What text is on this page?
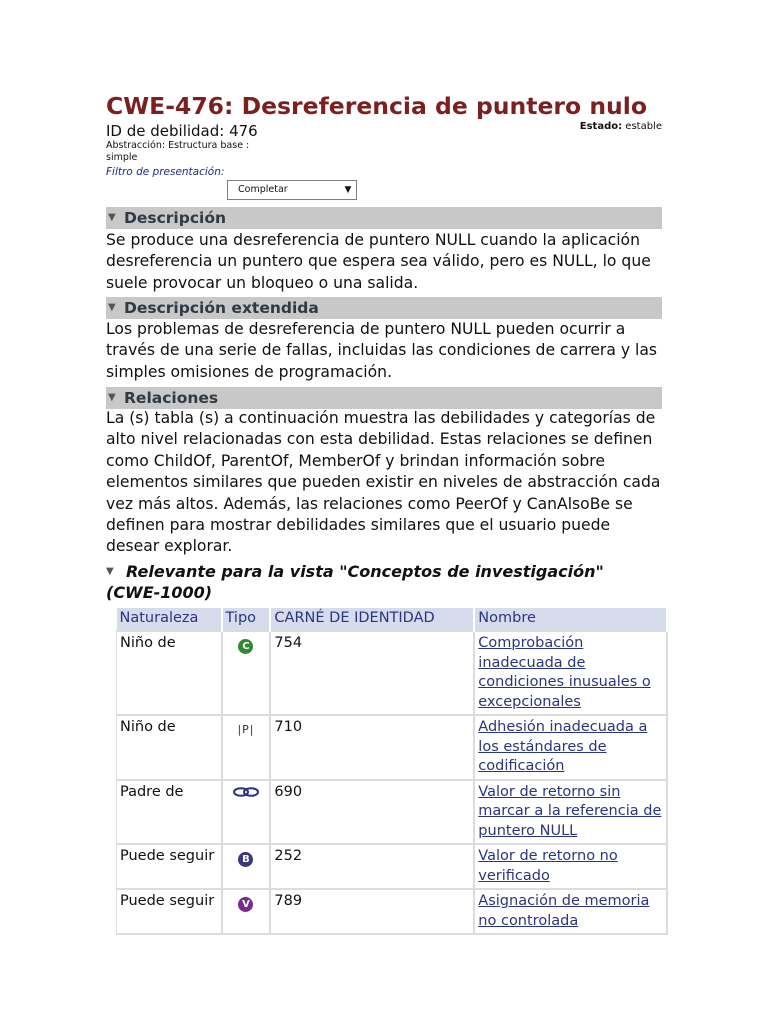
CWE-476: Desreferencia de puntero nulo
ID de debilidad: 476	Estado: estable
Abstracción: Estructura base : simple
Filtro de presentación:
Completar	▼
▼ Descripción

Se produce una desreferencia de puntero NULL cuando la aplicación desreferencia un puntero que espera sea válido, pero es NULL, lo que suele provocar un bloqueo o una salida.

▼ Descripción extendida

Los problemas de desreferencia de puntero NULL pueden ocurrir a través de una serie de fallas, incluidas las condiciones de carrera y las simples omisiones de programación.

▼ Relaciones

La (s) tabla (s) a continuación muestra las debilidades y categorías de alto nivel relacionadas con esta debilidad. Estas relaciones se definen como ChildOf, ParentOf, MemberOf y brindan información sobre elementos similares que pueden existir en niveles de abstracción cada vez más altos. Además, las relaciones como PeerOf y CanAlsoBe se definen para mostrar debilidades similares que el usuario puede desear explorar.

▼ Relevante para la vista "Conceptos de investigación" (CWE-1000)
Naturaleza	Tipo	CARNÉ DE IDENTIDAD	Nombre
Niño de	C	754	Comprobación inadecuada de condiciones inusuales o excepcionales
Niño de	|P|	710	Adhesión inadecuada a los estándares de codificación
Padre de		690	Valor de retorno sin marcar a la referencia de puntero NULL
Puede seguir	B	252	Valor de retorno no verificado
Puede seguir	V	789	Asignación de memoria no controlada
